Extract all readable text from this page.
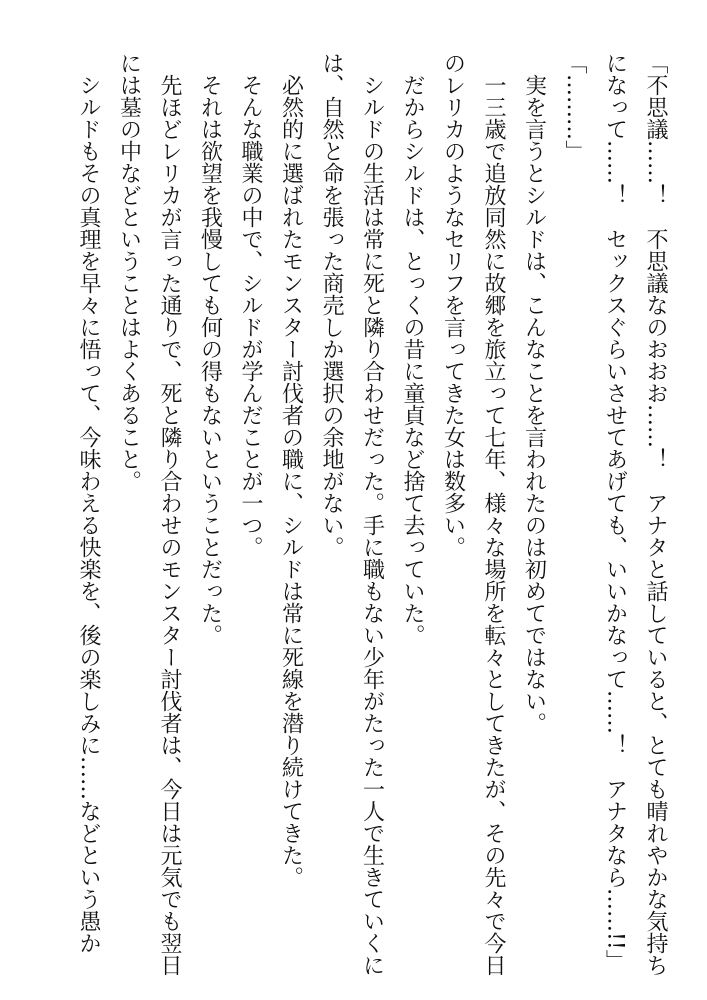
「不思議……！　不思議なのおおお……！　アナタと話していると、とても晴れやかな気持ちになって……！　セックスぐらいさせてあげても、いいかなって……！　アナタなら……!!」

「………」

実を言うとシルドは、こんなことを言われたのは初めてではない。

一三歳で追放同然に故郷を旅立って七年、様々な場所を転々としてきたが、その先々で今日のレリカのようなセリフを言ってきた女は数多い。

だからシルドは、とっくの昔に童貞など捨て去っていた。

シルドの生活は常に死と隣り合わせだった。手に職もない少年がたった一人で生きていくには、自然と命を張った商売しか選択の余地がない。

必然的に選ばれたモンスター討伐者の職に、シルドは常に死線を潜り続けてきた。

そんな職業の中で、シルドが学んだことが一つ。

それは欲望を我慢しても何の得もないということだった。

先ほどレリカが言った通りで、死と隣り合わせのモンスター討伐者は、今日は元気でも翌日には墓の中などということはよくあること。

シルドもその真理を早々に悟って、今味わえる快楽を、後の楽しみに……などという愚か
